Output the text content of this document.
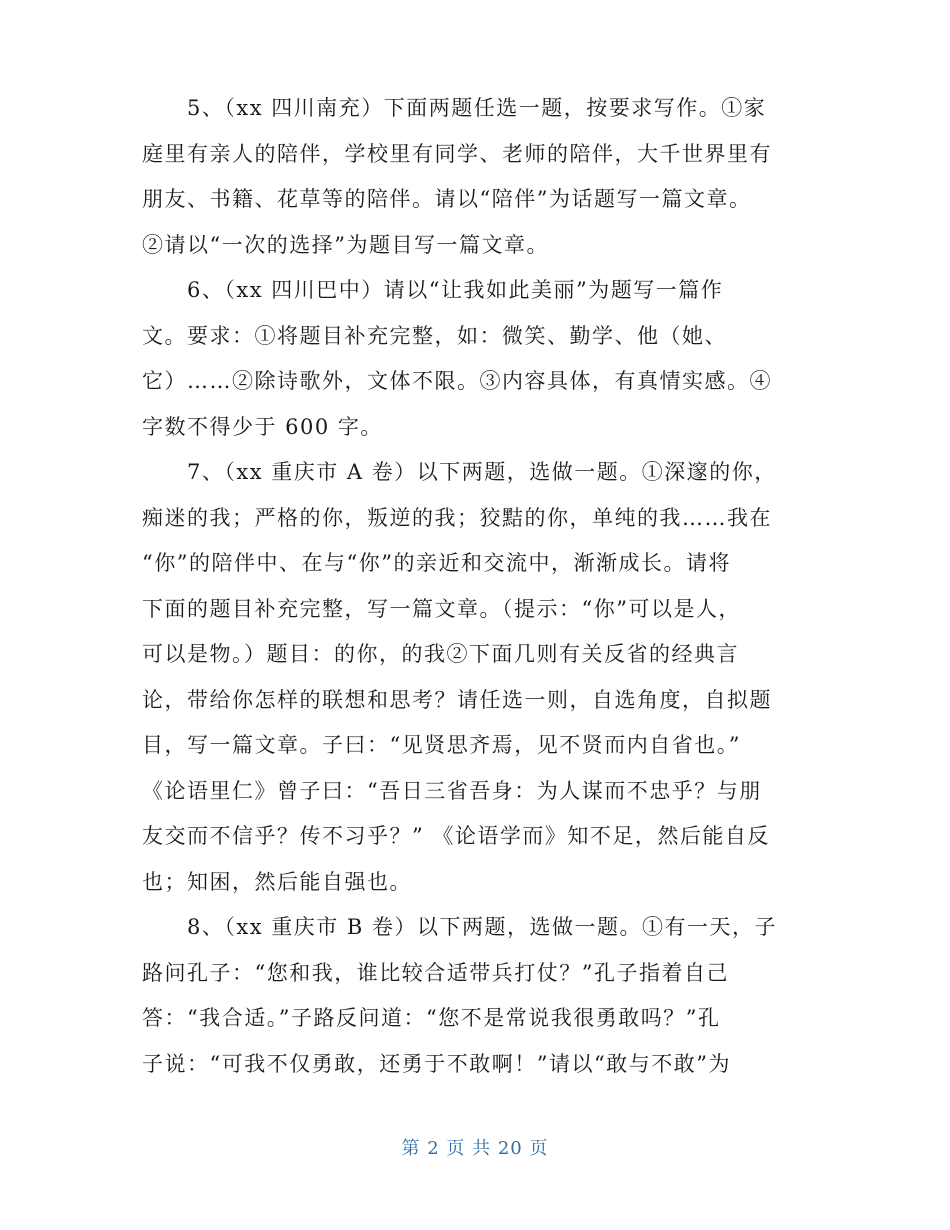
　　5、（xx 四川南充）下面两题任选一题，按要求写作。①家
庭里有亲人的陪伴，学校里有同学、老师的陪伴，大千世界里有
朋友、书籍、花草等的陪伴。请以“陪伴”为话题写一篇文章。
②请以“一次的选择”为题目写一篇文章。
　　6、（xx 四川巴中）请以“让我如此美丽”为题写一篇作
文。要求：①将题目补充完整，如：微笑、勤学、他（她、
它）……②除诗歌外，文体不限。③内容具体，有真情实感。④
字数不得少于 600 字。
　　7、（xx 重庆市 A 卷）以下两题，选做一题。①深邃的你，
痴迷的我；严格的你，叛逆的我；狡黠的你，单纯的我……我在
“你”的陪伴中、在与“你”的亲近和交流中，渐渐成长。请将
下面的题目补充完整，写一篇文章。（提示：“你”可以是人，
可以是物。）题目：的你，的我②下面几则有关反省的经典言
论，带给你怎样的联想和思考？请任选一则，自选角度，自拟题
目，写一篇文章。子曰：“见贤思齐焉，见不贤而内自省也。”
《论语里仁》曾子曰：“吾日三省吾身：为人谋而不忠乎？与朋
友交而不信乎？传不习乎？” 《论语学而》知不足，然后能自反
也；知困，然后能自强也。
　　8、（xx 重庆市 B 卷）以下两题，选做一题。①有一天，子
路问孔子：“您和我，谁比较合适带兵打仗？”孔子指着自己
答：“我合适。”子路反问道：“您不是常说我很勇敢吗？”孔
子说：“可我不仅勇敢，还勇于不敢啊！”请以“敢与不敢”为
第 2 页 共 20 页
